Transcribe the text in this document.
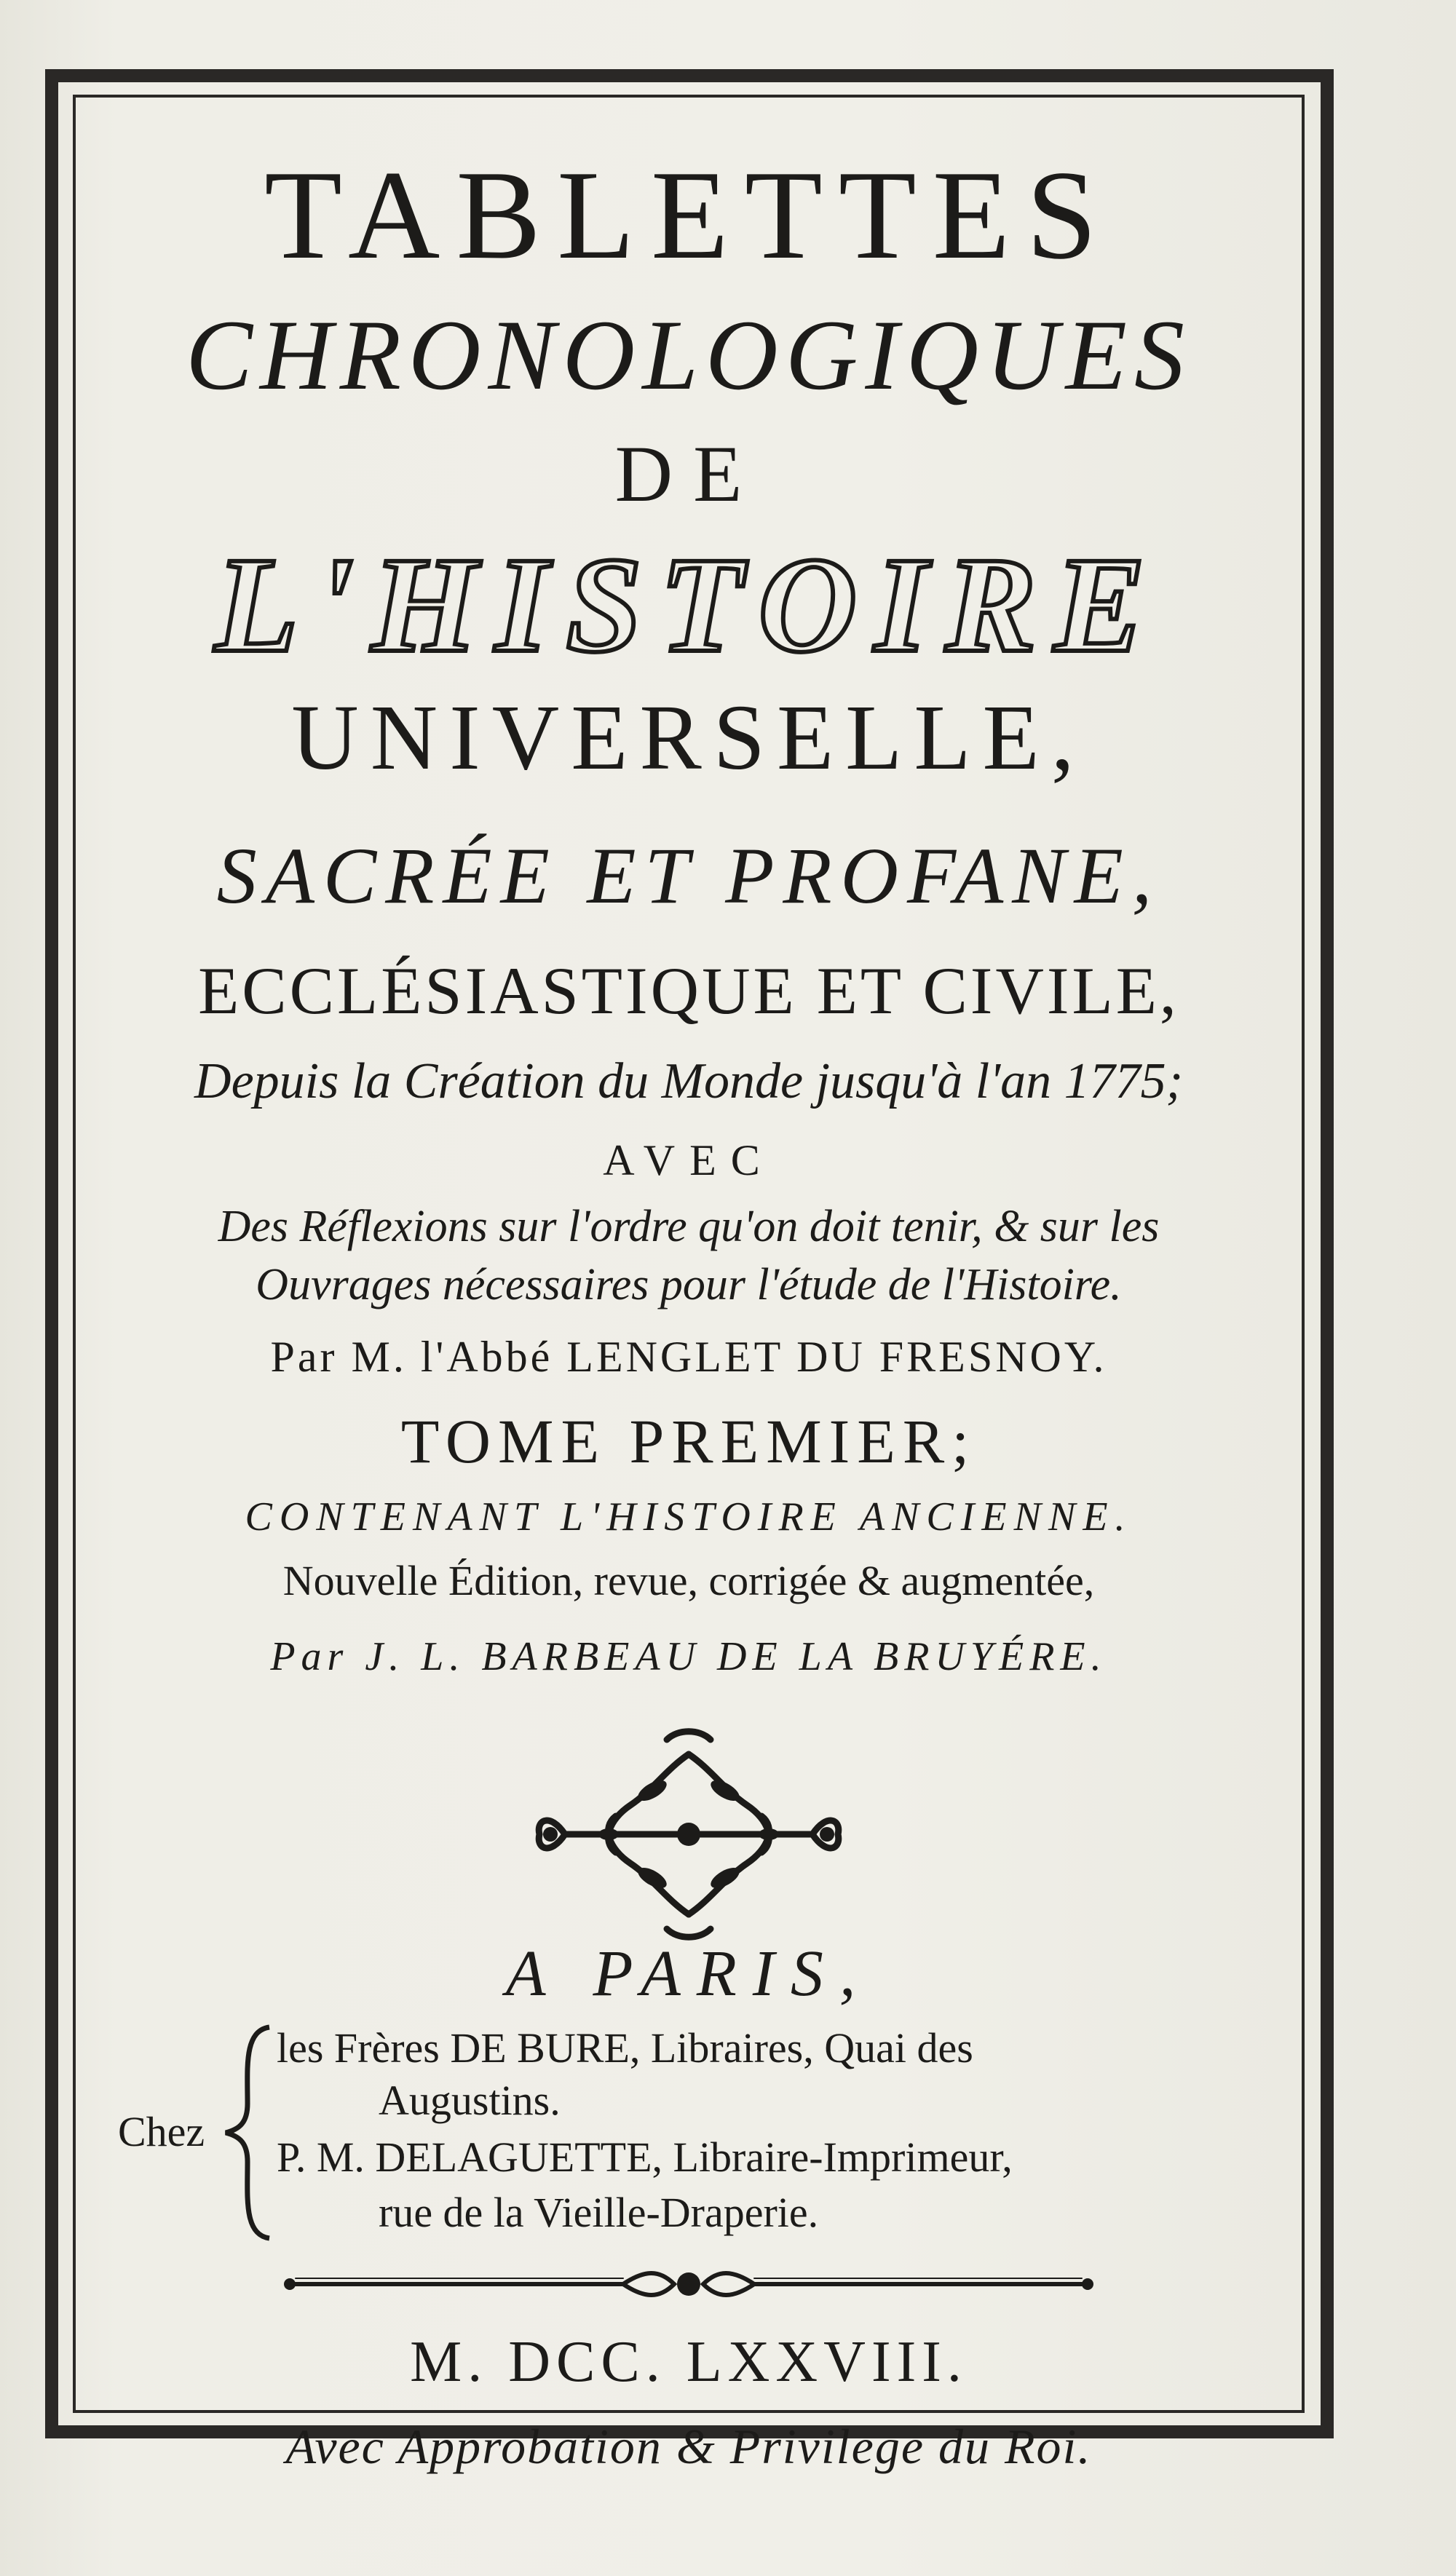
TABLETTES

CHRONOLOGIQUES

DE

L'HISTOIRE

UNIVERSELLE,

SACRÉE ET PROFANE,

ECCLÉSIASTIQUE ET CIVILE,

Depuis la Création du Monde jusqu'à l'an 1775;

AVEC

Des Réflexions sur l'ordre qu'on doit tenir, & sur les

Ouvrages nécessaires pour l'étude de l'Histoire.

Par M. l'Abbé LENGLET DU FRESNOY.

TOME PREMIER;

CONTENANT L'HISTOIRE ANCIENNE.

Nouvelle Édition, revue, corrigée & augmentée,

Par J. L. BARBEAU DE LA BRUYÉRE.

A PARIS,

Chez
les Frères DE BURE, Libraires, Quai des
Augustins.
P. M. DELAGUETTE, Libraire-Imprimeur,
rue de la Vieille-Draperie.

M. DCC. LXXVIII.

Avec Approbation & Privilege du Roi.
